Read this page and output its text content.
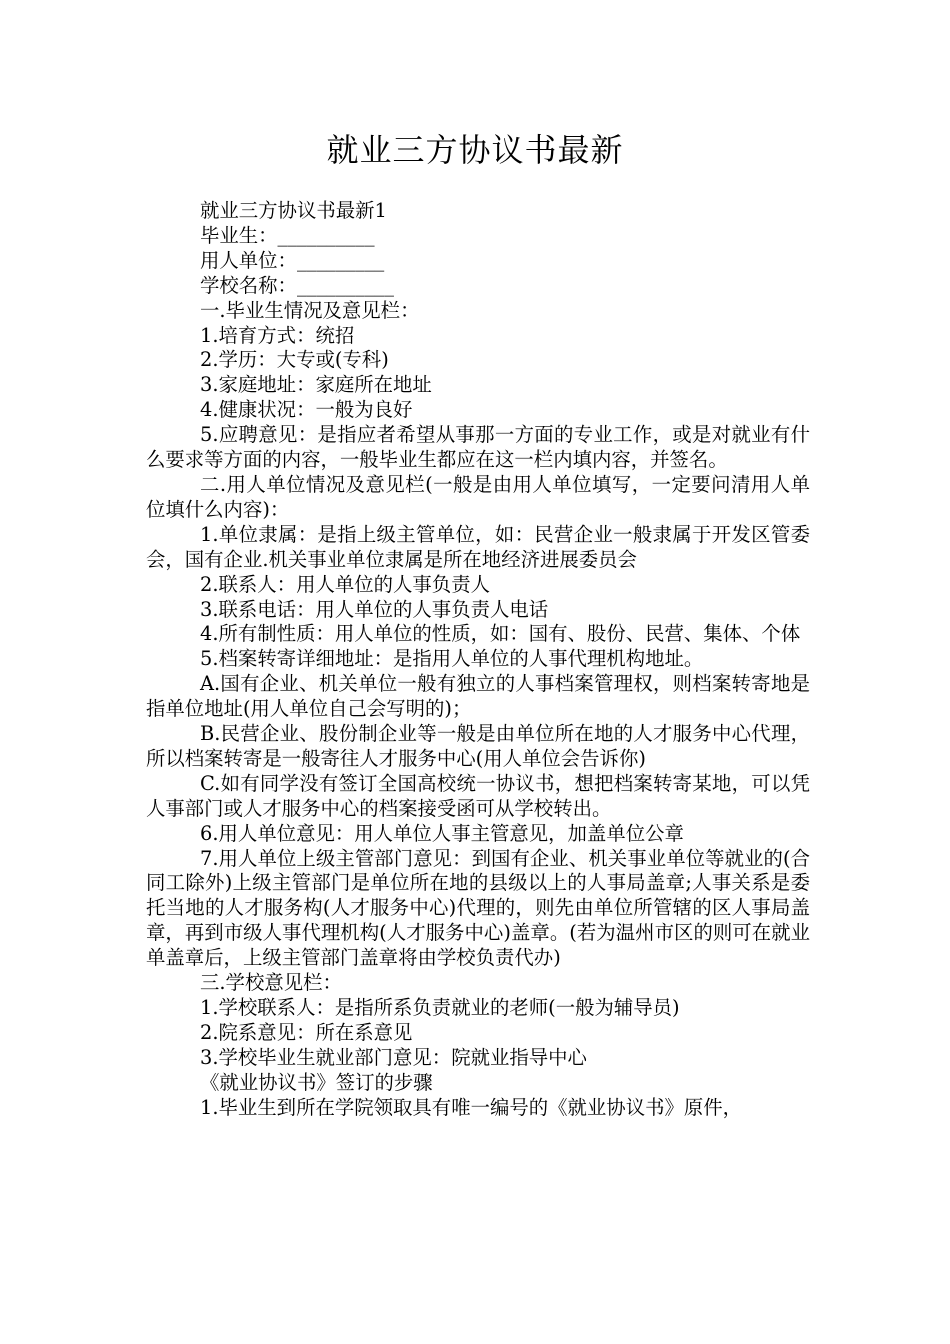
就业三方协议书最新

就业三方协议书最新1

毕业生：__________

用人单位：_________

学校名称：__________

一.毕业生情况及意见栏：

1.培育方式：统招

2.学历：大专或(专科)

3.家庭地址：家庭所在地址

4.健康状况：一般为良好

5.应聘意见：是指应者希望从事那一方面的专业工作，或是对就业有什么要求等方面的内容，一般毕业生都应在这一栏内填内容，并签名。

二.用人单位情况及意见栏(一般是由用人单位填写，一定要问清用人单位填什么内容)：

1.单位隶属：是指上级主管单位，如：民营企业一般隶属于开发区管委会，国有企业.机关事业单位隶属是所在地经济进展委员会

2.联系人：用人单位的人事负责人

3.联系电话：用人单位的人事负责人电话

4.所有制性质：用人单位的性质，如：国有、股份、民营、集体、个体

5.档案转寄详细地址：是指用人单位的人事代理机构地址。

A.国有企业、机关单位一般有独立的人事档案管理权，则档案转寄地是指单位地址(用人单位自己会写明的)；

B.民营企业、股份制企业等一般是由单位所在地的人才服务中心代理，所以档案转寄是一般寄往人才服务中心(用人单位会告诉你)

C.如有同学没有签订全国高校统一协议书，想把档案转寄某地，可以凭人事部门或人才服务中心的档案接受函可从学校转出。

6.用人单位意见：用人单位人事主管意见，加盖单位公章

7.用人单位上级主管部门意见：到国有企业、机关事业单位等就业的(合同工除外)上级主管部门是单位所在地的县级以上的人事局盖章;人事关系是委托当地的人才服务构(人才服务中心)代理的，则先由单位所管辖的区人事局盖章，再到市级人事代理机构(人才服务中心)盖章。(若为温州市区的则可在就业单盖章后，上级主管部门盖章将由学校负责代办)

三.学校意见栏：

1.学校联系人：是指所系负责就业的老师(一般为辅导员)

2.院系意见：所在系意见

3.学校毕业生就业部门意见：院就业指导中心

《就业协议书》签订的步骤

1.毕业生到所在学院领取具有唯一编号的《就业协议书》原件，
